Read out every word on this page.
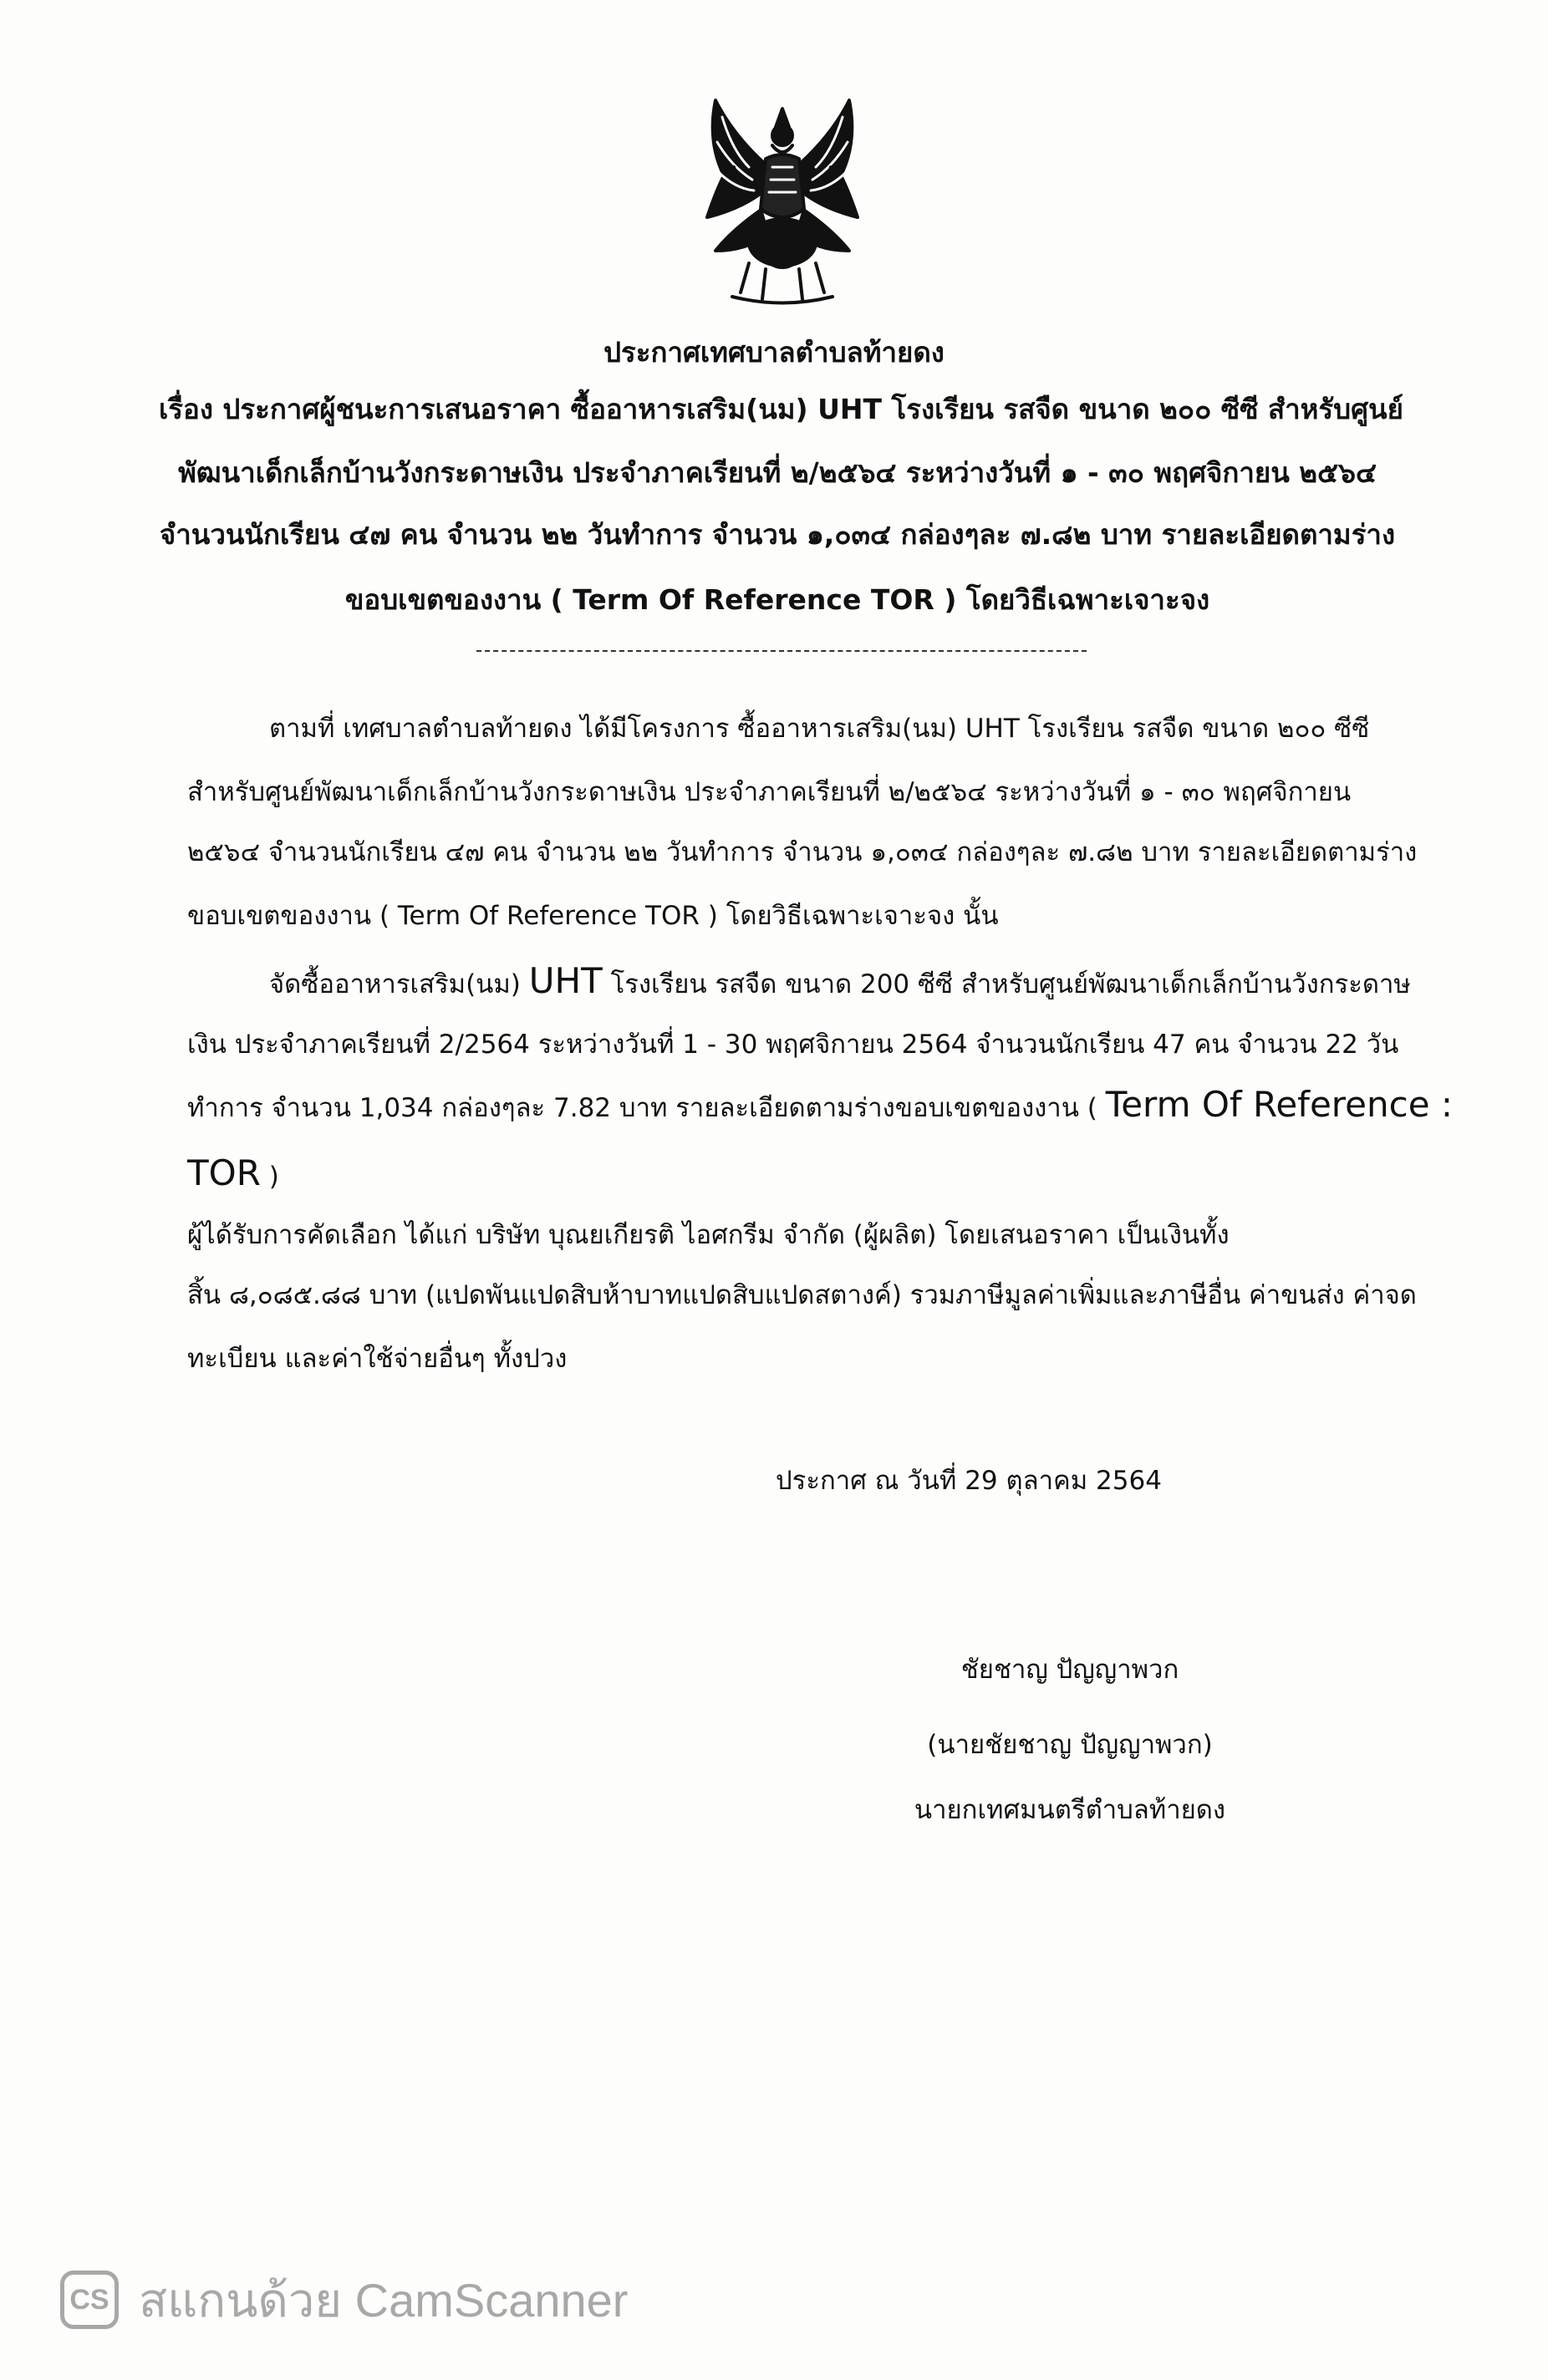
ประกาศเทศบาลตำบลท้ายดง
เรื่อง ประกาศผู้ชนะการเสนอราคา ซื้ออาหารเสริม(นม) UHT โรงเรียน รสจืด ขนาด ๒๐๐ ซีซี สำหรับศูนย์
พัฒนาเด็กเล็กบ้านวังกระดาษเงิน ประจำภาคเรียนที่ ๒/๒๕๖๔ ระหว่างวันที่ ๑ - ๓๐ พฤศจิกายน ๒๕๖๔
จำนวนนักเรียน ๔๗ คน จำนวน ๒๒ วันทำการ จำนวน ๑,๐๓๔ กล่องๆละ ๗.๘๒ บาท รายละเอียดตามร่าง
ขอบเขตของงาน ( Term Of Reference TOR ) โดยวิธีเฉพาะเจาะจง
ตามที่ เทศบาลตำบลท้ายดง ได้มีโครงการ ซื้ออาหารเสริม(นม) UHT โรงเรียน รสจืด ขนาด ๒๐๐ ซีซี
สำหรับศูนย์พัฒนาเด็กเล็กบ้านวังกระดาษเงิน ประจำภาคเรียนที่ ๒/๒๕๖๔ ระหว่างวันที่ ๑ - ๓๐ พฤศจิกายน
๒๕๖๔ จำนวนนักเรียน ๔๗ คน จำนวน ๒๒ วันทำการ จำนวน ๑,๐๓๔ กล่องๆละ ๗.๘๒ บาท รายละเอียดตามร่าง
ขอบเขตของงาน ( Term Of Reference TOR ) โดยวิธีเฉพาะเจาะจง นั้น
จัดซื้ออาหารเสริม(นม) UHT โรงเรียน รสจืด ขนาด 200 ซีซี สำหรับศูนย์พัฒนาเด็กเล็กบ้านวังกระดาษ
เงิน ประจำภาคเรียนที่ 2/2564 ระหว่างวันที่ 1 - 30 พฤศจิกายน 2564 จำนวนนักเรียน 47 คน จำนวน 22 วัน
ทำการ จำนวน 1,034 กล่องๆละ 7.82 บาท รายละเอียดตามร่างขอบเขตของงาน ( Term Of Reference :
TOR )
ผู้ได้รับการคัดเลือก ได้แก่ บริษัท บุณยเกียรติ ไอศกรีม จำกัด (ผู้ผลิต) โดยเสนอราคา เป็นเงินทั้ง
สิ้น ๘,๐๘๕.๘๘ บาท (แปดพันแปดสิบห้าบาทแปดสิบแปดสตางค์) รวมภาษีมูลค่าเพิ่มและภาษีอื่น ค่าขนส่ง ค่าจด
ทะเบียน และค่าใช้จ่ายอื่นๆ ทั้งปวง
ประกาศ ณ วันที่ 29 ตุลาคม 2564
ชัยชาญ ปัญญาพวก
(นายชัยชาญ ปัญญาพวก)
นายกเทศมนตรีตำบลท้ายดง
CS สแกนด้วย CamScanner
